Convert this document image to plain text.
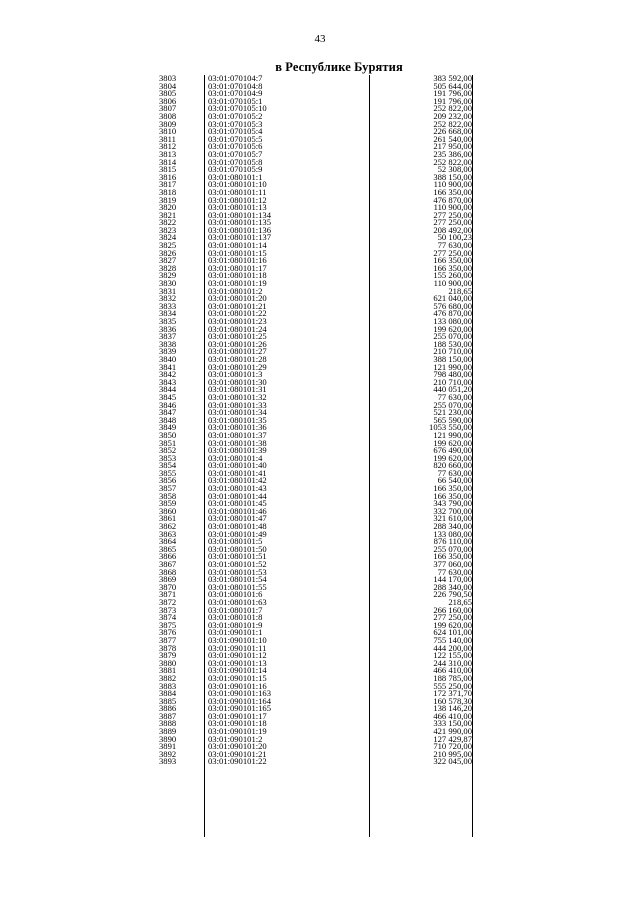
43
в Республике Бурятия
3803	03:01:070104:7	383 592,00
3804	03:01:070104:8	505 644,00
3805	03:01:070104:9	191 796,00
3806	03:01:070105:1	191 796,00
3807	03:01:070105:10	252 822,00
3808	03:01:070105:2	209 232,00
3809	03:01:070105:3	252 822,00
3810	03:01:070105:4	226 668,00
3811	03:01:070105:5	261 540,00
3812	03:01:070105:6	217 950,00
3813	03:01:070105:7	235 386,00
3814	03:01:070105:8	252 822,00
3815	03:01:070105:9	52 308,00
3816	03:01:080101:1	388 150,00
3817	03:01:080101:10	110 900,00
3818	03:01:080101:11	166 350,00
3819	03:01:080101:12	476 870,00
3820	03:01:080101:13	110 900,00
3821	03:01:080101:134	277 250,00
3822	03:01:080101:135	277 250,00
3823	03:01:080101:136	208 492,00
3824	03:01:080101:137	50 100,23
3825	03:01:080101:14	77 630,00
3826	03:01:080101:15	277 250,00
3827	03:01:080101:16	166 350,00
3828	03:01:080101:17	166 350,00
3829	03:01:080101:18	155 260,00
3830	03:01:080101:19	110 900,00
3831	03:01:080101:2	218,65
3832	03:01:080101:20	621 040,00
3833	03:01:080101:21	576 680,00
3834	03:01:080101:22	476 870,00
3835	03:01:080101:23	133 080,00
3836	03:01:080101:24	199 620,00
3837	03:01:080101:25	255 070,00
3838	03:01:080101:26	188 530,00
3839	03:01:080101:27	210 710,00
3840	03:01:080101:28	388 150,00
3841	03:01:080101:29	121 990,00
3842	03:01:080101:3	798 480,00
3843	03:01:080101:30	210 710,00
3844	03:01:080101:31	440 051,20
3845	03:01:080101:32	77 630,00
3846	03:01:080101:33	255 070,00
3847	03:01:080101:34	521 230,00
3848	03:01:080101:35	565 590,00
3849	03:01:080101:36	1053 550,00
3850	03:01:080101:37	121 990,00
3851	03:01:080101:38	199 620,00
3852	03:01:080101:39	676 490,00
3853	03:01:080101:4	199 620,00
3854	03:01:080101:40	820 660,00
3855	03:01:080101:41	77 630,00
3856	03:01:080101:42	66 540,00
3857	03:01:080101:43	166 350,00
3858	03:01:080101:44	166 350,00
3859	03:01:080101:45	343 790,00
3860	03:01:080101:46	332 700,00
3861	03:01:080101:47	321 610,00
3862	03:01:080101:48	288 340,00
3863	03:01:080101:49	133 080,00
3864	03:01:080101:5	876 110,00
3865	03:01:080101:50	255 070,00
3866	03:01:080101:51	166 350,00
3867	03:01:080101:52	377 060,00
3868	03:01:080101:53	77 630,00
3869	03:01:080101:54	144 170,00
3870	03:01:080101:55	288 340,00
3871	03:01:080101:6	226 790,50
3872	03:01:080101:63	218,65
3873	03:01:080101:7	266 160,00
3874	03:01:080101:8	277 250,00
3875	03:01:080101:9	199 620,00
3876	03:01:090101:1	624 101,00
3877	03:01:090101:10	755 140,00
3878	03:01:090101:11	444 200,00
3879	03:01:090101:12	122 155,00
3880	03:01:090101:13	244 310,00
3881	03:01:090101:14	466 410,00
3882	03:01:090101:15	188 785,00
3883	03:01:090101:16	555 250,00
3884	03:01:090101:163	172 371,70
3885	03:01:090101:164	160 578,30
3886	03:01:090101:165	138 146,20
3887	03:01:090101:17	466 410,00
3888	03:01:090101:18	333 150,00
3889	03:01:090101:19	421 990,00
3890	03:01:090101:2	127 429,87
3891	03:01:090101:20	710 720,00
3892	03:01:090101:21	210 995,00
3893	03:01:090101:22	322 045,00
